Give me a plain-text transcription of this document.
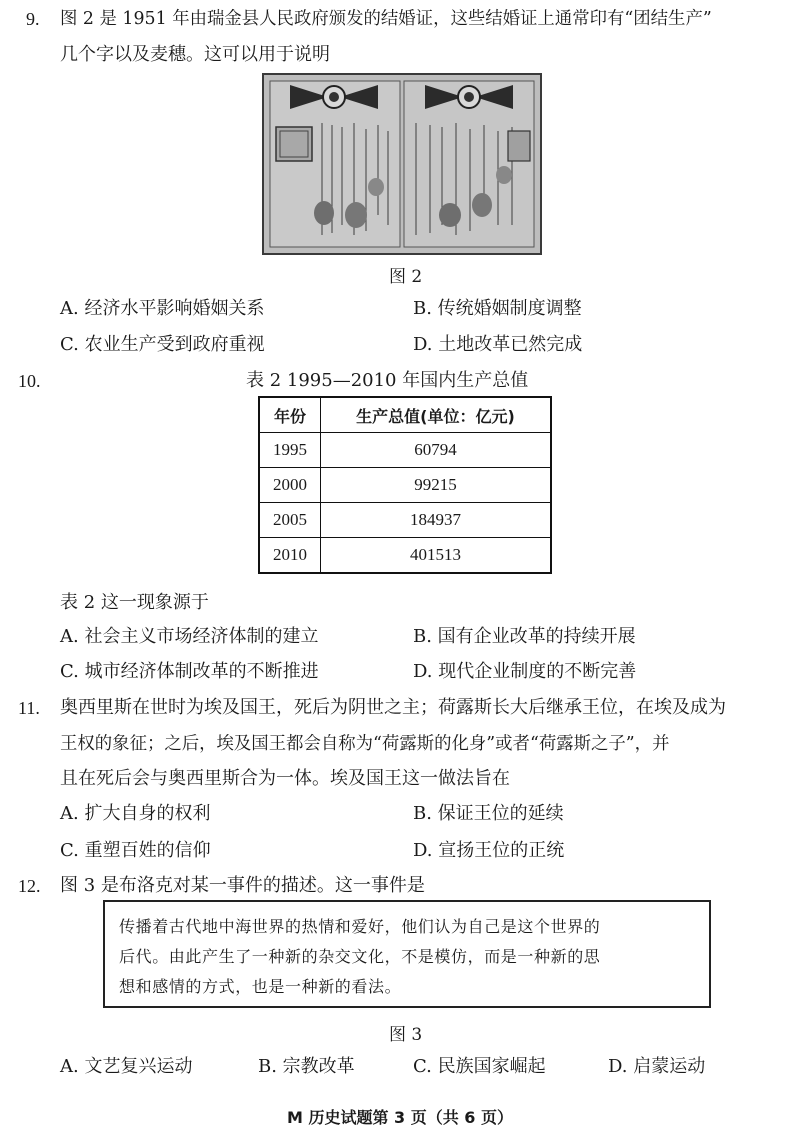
9. 图 2 是 1951 年由瑞金县人民政府颁发的结婚证，这些结婚证上通常印有“团结生产”
几个字以及麦穗。这可以用于说明
图 2
A. 经济水平影响婚姻关系	B. 传统婚姻制度调整
C. 农业生产受到政府重视	D. 土地改革已然完成
10.	表 2 1995—2010 年国内生产总值
年份	生产总值(单位：亿元)
1995	60794
2000	99215
2005	184937
2010	401513
表 2 这一现象源于
A. 社会主义市场经济体制的建立	B. 国有企业改革的持续开展
C. 城市经济体制改革的不断推进	D. 现代企业制度的不断完善
11. 奥西里斯在世时为埃及国王，死后为阴世之主；荷露斯长大后继承王位，在埃及成为
王权的象征；之后，埃及国王都会自称为“荷露斯的化身”或者“荷露斯之子”，并
且在死后会与奥西里斯合为一体。埃及国王这一做法旨在
A. 扩大自身的权利	B. 保证王位的延续
C. 重塑百姓的信仰	D. 宣扬王位的正统
12. 图 3 是布洛克对某一事件的描述。这一事件是
传播着古代地中海世界的热情和爱好，他们认为自己是这个世界的
后代。由此产生了一种新的杂交文化，不是模仿，而是一种新的思
想和感情的方式，也是一种新的看法。
图 3
A. 文艺复兴运动	B. 宗教改革	C. 民族国家崛起	D. 启蒙运动
M 历史试题第 3 页（共 6 页）
